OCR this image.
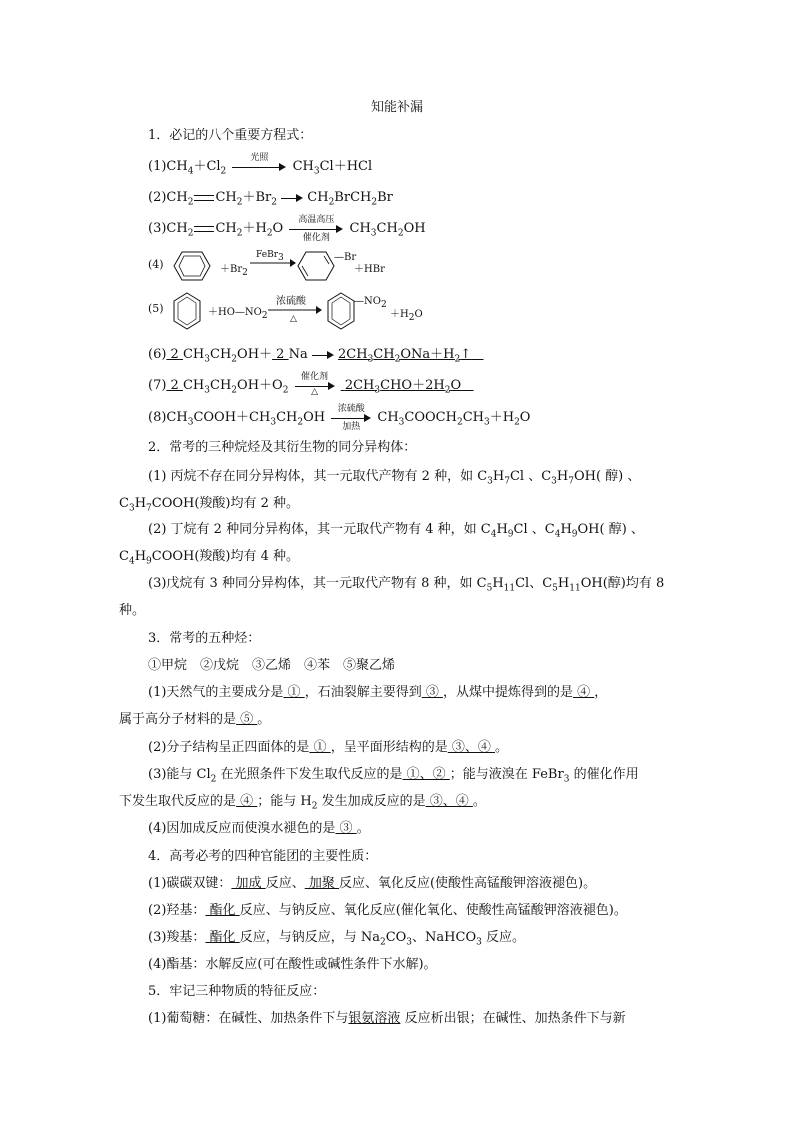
知能补漏
1．必记的八个重要方程式：
$(1)CH_4+Cl_2$
光照
$CH_3Cl+HCl$
$(2)CH_2$ $CH_2+Br_2$ $CH_2BrCH_2Br$
$(3)CH_2$ $CH_2+H_2O$
高温高压
催化剂
$CH_3CH_2OH$
(4)	$+Br_2$
FeBr$_3$	—Br
＋HBr
(5)	$+HO—NO_2$
浓硫酸
△
$—NO_2$
$+H_2O$
(6) 2 $CH_3CH_2OH+ 2$ Na $2CH_3CH_2ONa+H_2↑$
(7) 2 $CH_3CH_2OH+O_2$
催化剂
△	$2CH_3CHO+2H_2O$
$(8)CH_3COOH+CH_3CH_2OH$
浓硫酸
加热
$CH_3COOCH_2CH_3+H_2O$
2．常考的三种烷烃及其衍生物的同分异构体：
(1) 丙烷不存在同分异构体，其一元取代产物有 2 种，如 $C_3H_7Cl$ 、$C_3H_7OH$( 醇) 、
$C_3H_7COOH$(羧酸)均有 2 种。
(2) 丁烷有 2 种同分异构体，其一元取代产物有 4 种，如 $C_4H_9Cl$ 、$C_4H_9OH$( 醇) 、
$C_4H_9COOH$(羧酸)均有 4 种。
(3)戊烷有 3 种同分异构体，其一元取代产物有 8 种，如 $C_5H_{11}Cl$、$C_5H_{11}OH$(醇)均有 8
种。
3．常考的五种烃：
①甲烷　②戊烷　③乙烯　④苯　⑤聚乙烯
(1)天然气的主要成分是 ① ，石油裂解主要得到 ③ ，从煤中提炼得到的是 ④ ，
属于高分子材料的是 ⑤ 。
(2)分子结构呈正四面体的是 ① ，呈平面形结构的是 ③、④ 。
(3)能与 $Cl_2$ 在光照条件下发生取代反应的是 ①、② ；能与液溴在 FeBr$_3$ 的催化作用
下发生取代反应的是 ④ ；能与 $H_2$ 发生加成反应的是 ③、④ 。
(4)因加成反应而使溴水褪色的是 ③ 。
4．高考必考的四种官能团的主要性质：
(1)碳碳双键： 加成 反应、 加聚 反应、氧化反应(使酸性高锰酸钾溶液褪色)。
(2)羟基： 酯化 反应、与钠反应、氧化反应(催化氧化、使酸性高锰酸钾溶液褪色)。
(3)羧基： 酯化 反应，与钠反应，与 $Na_2CO_3$、NaHCO$_3$ 反应。
(4)酯基：水解反应(可在酸性或碱性条件下水解)。
5．牢记三种物质的特征反应：
(1)葡萄糖：在碱性、加热条件下与银氨溶液 反应析出银；在碱性、加热条件下与新
